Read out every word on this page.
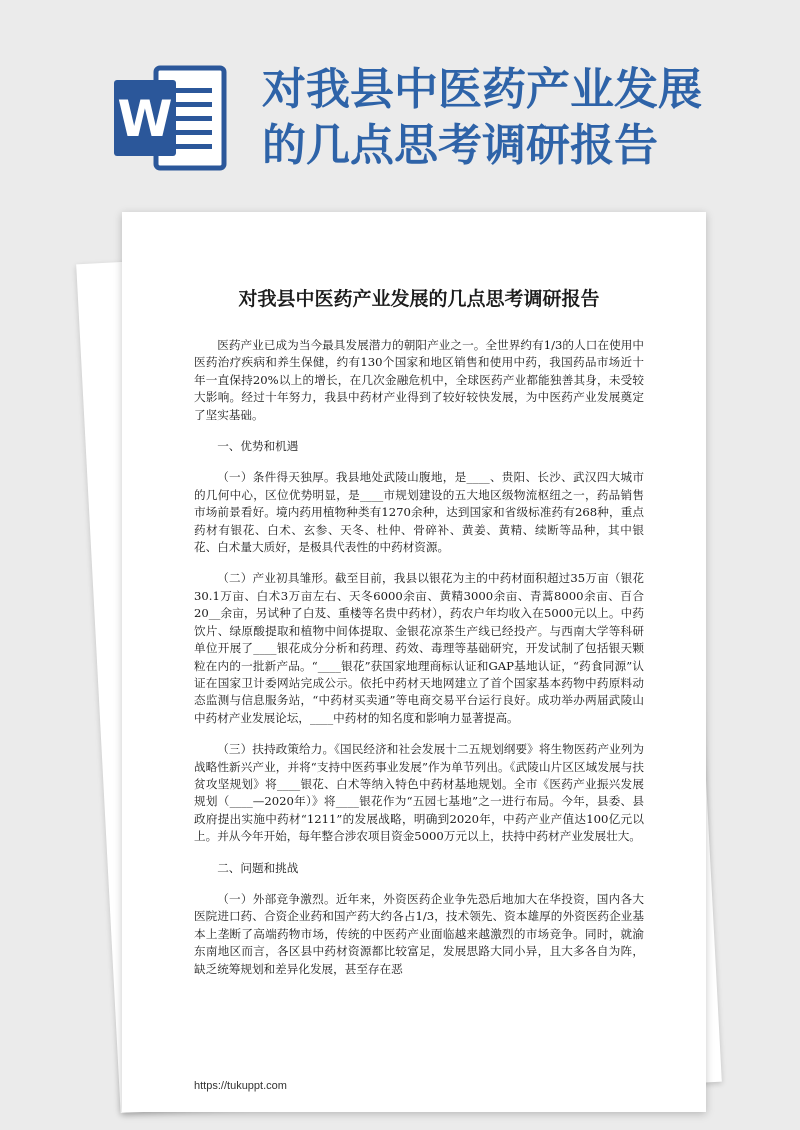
W
对我县中医药产业发展
的几点思考调研报告
对我县中医药产业发展的几点思考调研报告

医药产业已成为当今最具发展潜力的朝阳产业之一。全世界约有1/3的人口在使用中医药治疗疾病和养生保健，约有130个国家和地区销售和使用中药，我国药品市场近十年一直保持20%以上的增长，在几次金融危机中，全球医药产业都能独善其身，未受较大影响。经过十年努力，我县中药材产业得到了较好较快发展，为中医药产业发展奠定了坚实基础。

一、优势和机遇

（一）条件得天独厚。我县地处武陵山腹地，是____、贵阳、长沙、武汉四大城市的几何中心，区位优势明显，是____市规划建设的五大地区级物流枢纽之一，药品销售市场前景看好。境内药用植物种类有1270余种，达到国家和省级标准药有268种，重点药材有银花、白术、玄参、天冬、杜仲、骨碎补、黄姜、黄精、续断等品种，其中银花、白术量大质好，是极具代表性的中药材资源。

（二）产业初具雏形。截至目前，我县以银花为主的中药材面积超过35万亩（银花30.1万亩、白术3万亩左右、天冬6000余亩、黄精3000余亩、青蒿8000余亩、百合20__余亩，另试种了白芨、重楼等名贵中药材），药农户年均收入在5000元以上。中药饮片、绿原酸提取和植物中间体提取、金银花凉茶生产线已经投产。与西南大学等科研单位开展了____银花成分分析和药理、药效、毒理等基础研究，开发试制了包括银天颗粒在内的一批新产品。“____银花”获国家地理商标认证和GAP基地认证，“药食同源”认证在国家卫计委网站完成公示。依托中药材天地网建立了首个国家基本药物中药原料动态监测与信息服务站，“中药材买卖通”等电商交易平台运行良好。成功举办两届武陵山中药材产业发展论坛，____中药材的知名度和影响力显著提高。

（三）扶持政策给力。《国民经济和社会发展十二五规划纲要》将生物医药产业列为战略性新兴产业，并将“支持中医药事业发展”作为单节列出。《武陵山片区区域发展与扶贫攻坚规划》将____银花、白术等纳入特色中药材基地规划。全市《医药产业振兴发展规划（____—2020年）》将____银花作为“五园七基地”之一进行布局。今年，县委、县政府提出实施中药材“1211”的发展战略，明确到2020年，中药产业产值达100亿元以上。并从今年开始，每年整合涉农项目资金5000万元以上，扶持中药材产业发展壮大。

二、问题和挑战

（一）外部竞争激烈。近年来，外资医药企业争先恐后地加大在华投资，国内各大医院进口药、合资企业药和国产药大约各占1/3，技术领先、资本雄厚的外资医药企业基本上垄断了高端药物市场，传统的中医药产业面临越来越激烈的市场竞争。同时，就渝东南地区而言，各区县中药材资源都比较富足，发展思路大同小异，且大多各自为阵，缺乏统筹规划和差异化发展，甚至存在恶

https://tukuppt.com
